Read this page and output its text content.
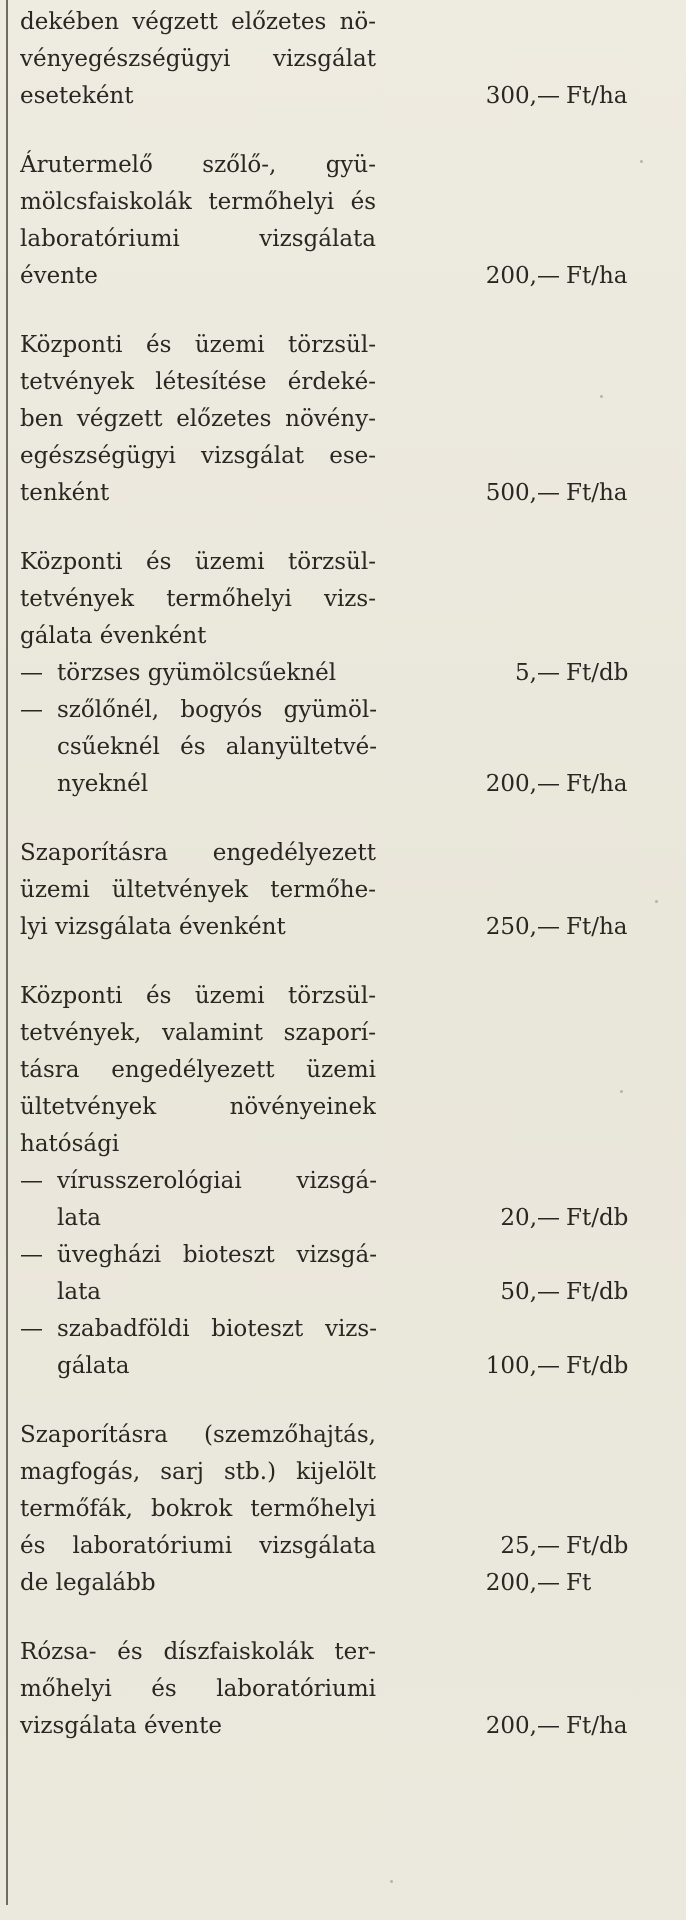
dekében végzett előzetes nö-
vényegészségügyi vizsgálat
eseteként	300,— Ft/ha
Árutermelő szőlő-, gyü-
mölcsfaiskolák termőhelyi és
laboratóriumi vizsgálata
évente	200,— Ft/ha
Központi és üzemi törzsül-
tetvények létesítése érdeké-
ben végzett előzetes növény-
egészségügyi vizsgálat ese-
tenként	500,— Ft/ha
Központi és üzemi törzsül-
tetvények termőhelyi vizs-
gálata évenként
— törzses gyümölcsűeknél	5,— Ft/db
— szőlőnél, bogyós gyümöl-
csűeknél és alanyültetvé-
nyeknél	200,— Ft/ha
Szaporításra engedélyezett
üzemi ültetvények termőhe-
lyi vizsgálata évenként	250,— Ft/ha
Központi és üzemi törzsül-
tetvények, valamint szaporí-
tásra engedélyezett üzemi
ültetvények növényeinek
hatósági
— vírusszerológiai vizsgá-
lata	20,— Ft/db
— üvegházi bioteszt vizsgá-
lata	50,— Ft/db
— szabadföldi bioteszt vizs-
gálata	100,— Ft/db
Szaporításra (szemzőhajtás,
magfogás, sarj stb.) kijelölt
termőfák, bokrok termőhelyi
és laboratóriumi vizsgálata	25,— Ft/db
de legalább	200,— Ft
Rózsa- és díszfaiskolák ter-
mőhelyi és laboratóriumi
vizsgálata évente	200,— Ft/ha
